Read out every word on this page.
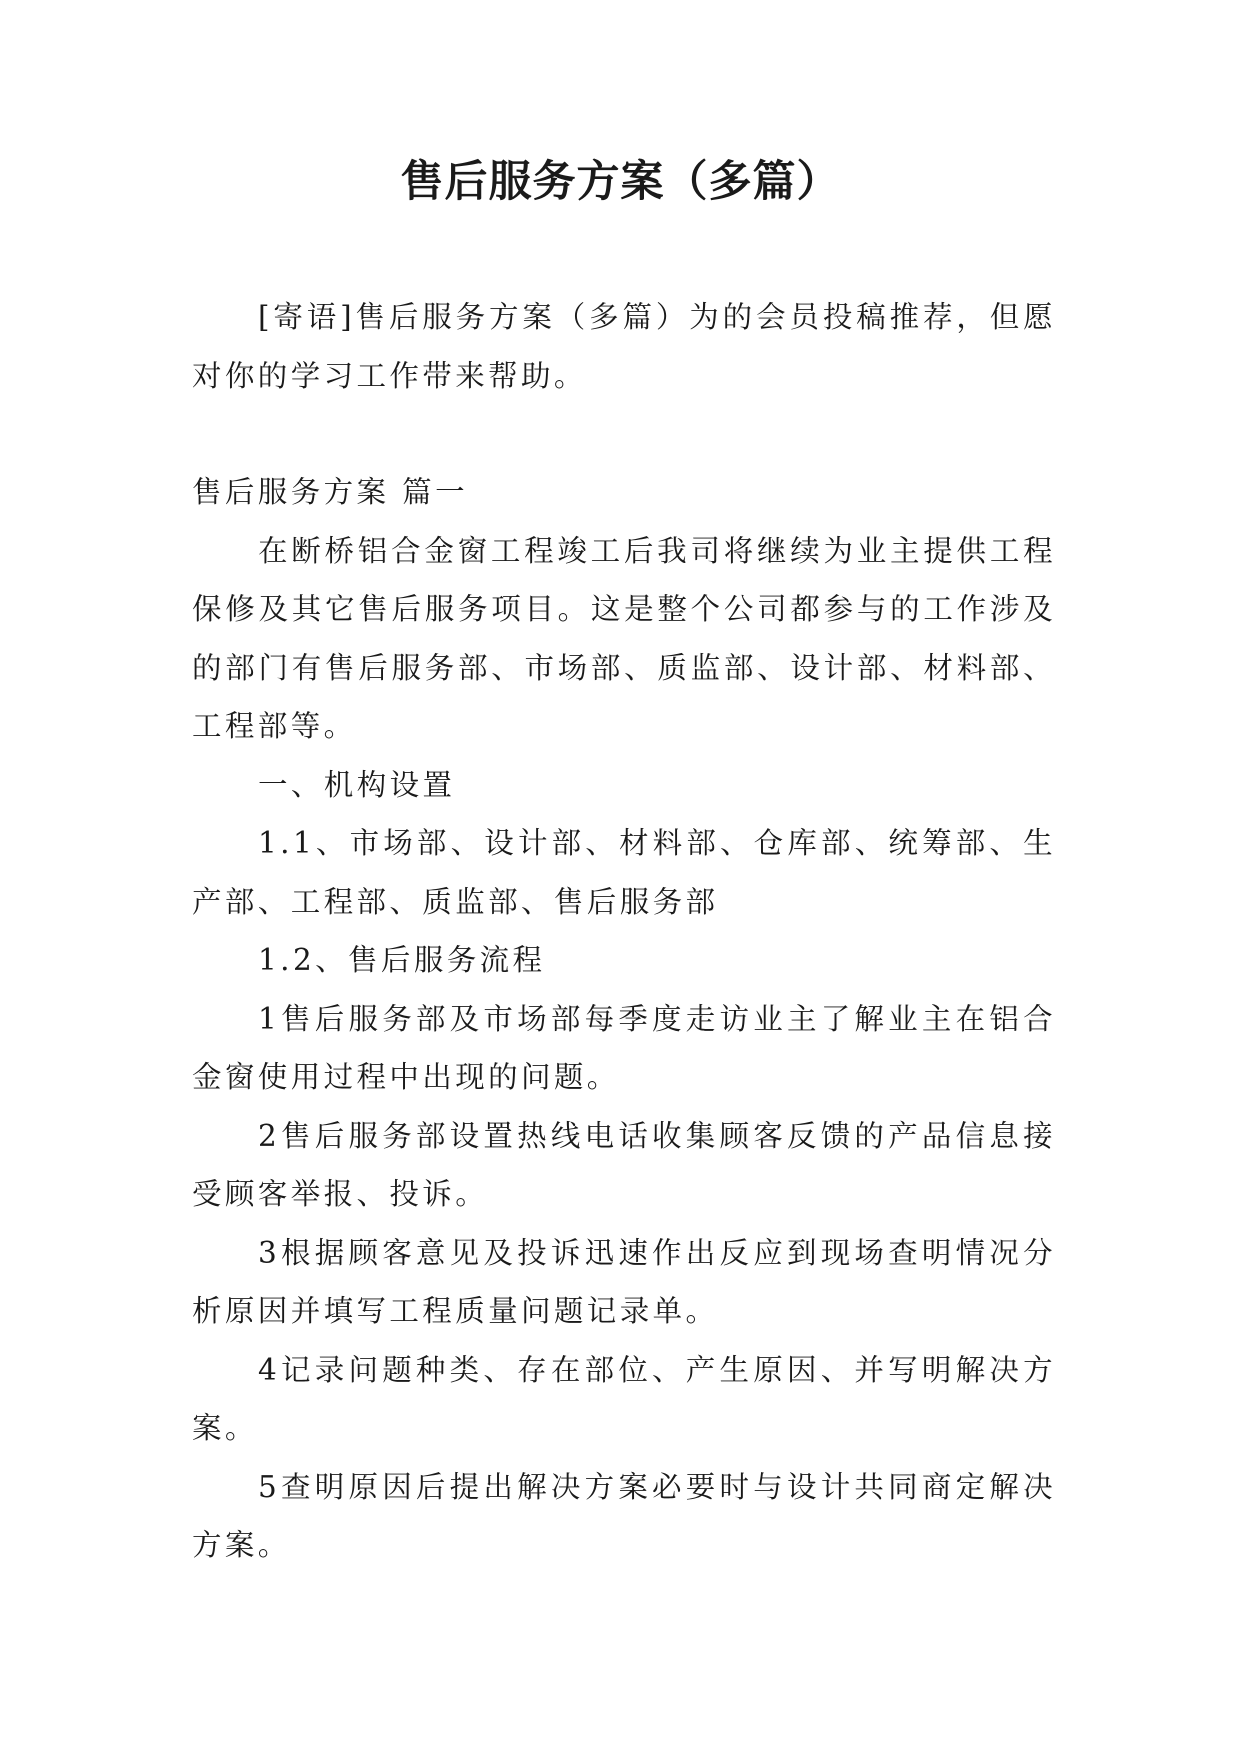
售后服务方案（多篇）

[寄语]售后服务方案（多篇）为的会员投稿推荐，但愿对你的学习工作带来帮助。

售后服务方案 篇一

在断桥铝合金窗工程竣工后我司将继续为业主提供工程保修及其它售后服务项目。这是整个公司都参与的工作涉及的部门有售后服务部、市场部、质监部、设计部、材料部、工程部等。

一、机构设置

1.1、市场部、设计部、材料部、仓库部、统筹部、生产部、工程部、质监部、售后服务部

1.2、售后服务流程

1售后服务部及市场部每季度走访业主了解业主在铝合金窗使用过程中出现的问题。

2售后服务部设置热线电话收集顾客反馈的产品信息接受顾客举报、投诉。

3根据顾客意见及投诉迅速作出反应到现场查明情况分析原因并填写工程质量问题记录单。

4记录问题种类、存在部位、产生原因、并写明解决方案。

5查明原因后提出解决方案必要时与设计共同商定解决方案。
